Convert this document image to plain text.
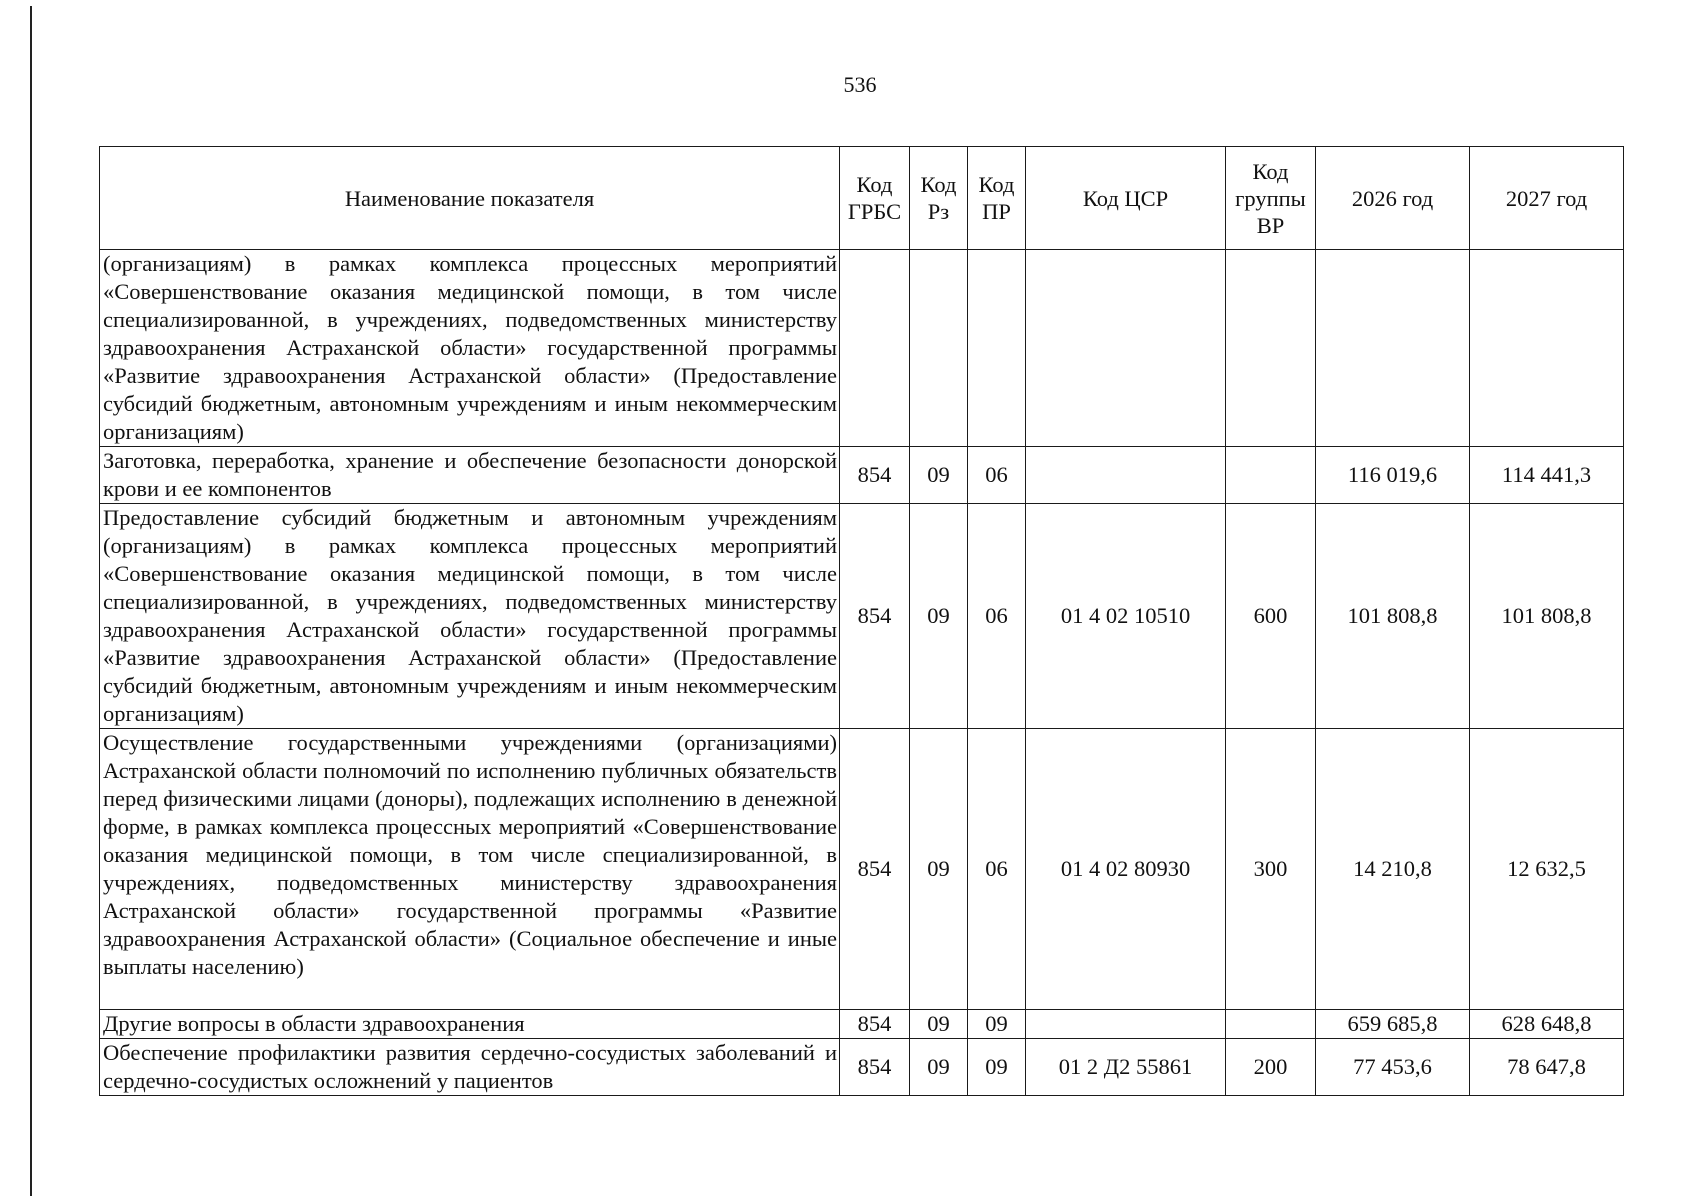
536
Наименование показателя	Код ГРБС	Код Рз	Код ПР	Код ЦСР	Код группы ВР	2026 год	2027 год
(организациям) в рамках комплекса процессных мероприятий «Совершенствование оказания медицинской помощи, в том числе специализированной, в учреждениях, подведомственных министерству здравоохранения Астраханской области» государственной программы «Развитие здравоохранения Астраханской области» (Предоставление субсидий бюджетным, автономным учреждениям и иным некоммерческим организациям)							
Заготовка, переработка, хранение и обеспечение безопасности донорской крови и ее компонентов	854	09	06			116 019,6	114 441,3
Предоставление субсидий бюджетным и автономным учреждениям (организациям) в рамках комплекса процессных мероприятий «Совершенствование оказания медицинской помощи, в том числе специализированной, в учреждениях, подведомственных министерству здравоохранения Астраханской области» государственной программы «Развитие здравоохранения Астраханской области» (Предоставление субсидий бюджетным, автономным учреждениям и иным некоммерческим организациям)	854	09	06	01 4 02 10510	600	101 808,8	101 808,8
Осуществление государственными учреждениями (организациями) Астраханской области полномочий по исполнению публичных обязательств перед физическими лицами (доноры), подлежащих исполнению в денежной форме, в рамках комплекса процессных мероприятий «Совершенствование оказания медицинской помощи, в том числе специализированной, в учреждениях, подведомственных министерству здравоохранения Астраханской области» государственной программы «Развитие здравоохранения Астраханской области» (Социальное обеспечение и иные выплаты населению)	854	09	06	01 4 02 80930	300	14 210,8	12 632,5
Другие вопросы в области здравоохранения	854	09	09			659 685,8	628 648,8
Обеспечение профилактики развития сердечно-сосудистых заболеваний и сердечно-сосудистых осложнений у пациентов	854	09	09	01 2 Д2 55861	200	77 453,6	78 647,8
